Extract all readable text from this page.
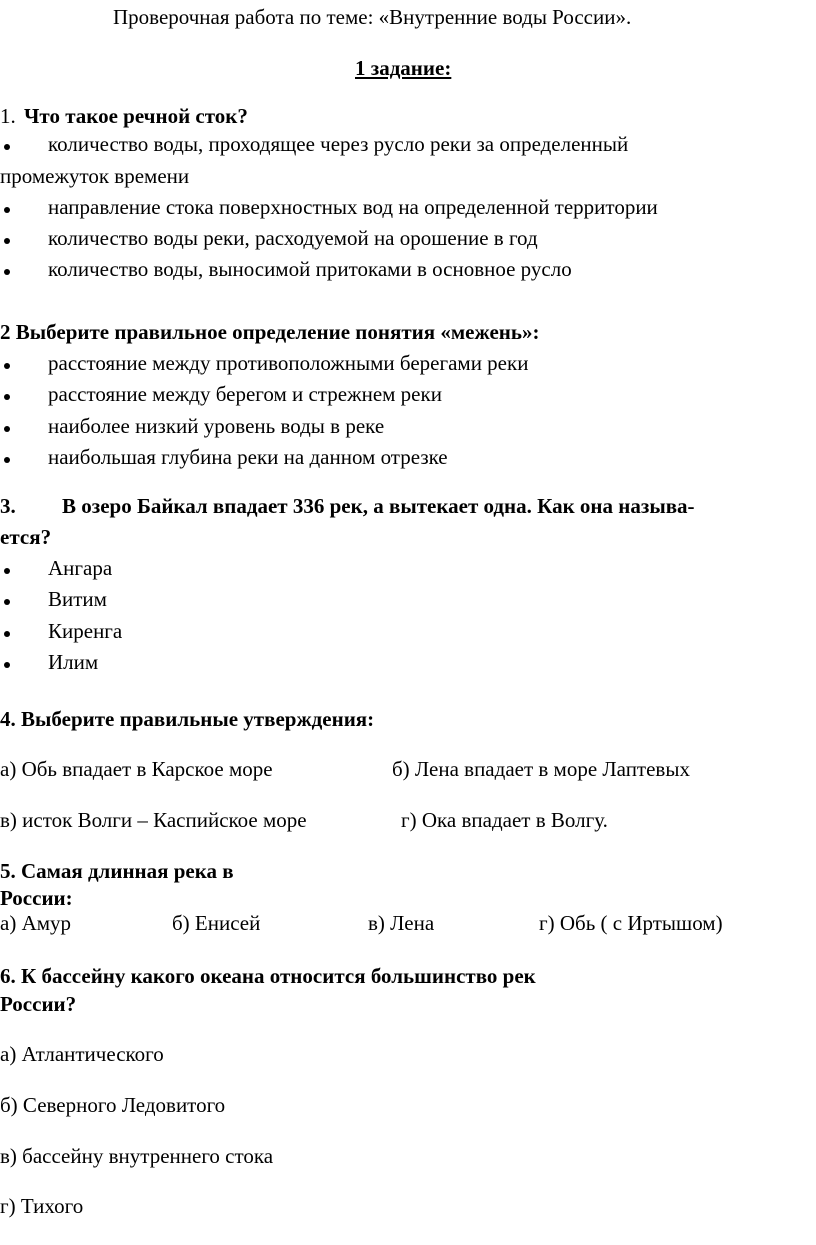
Проверочная работа по теме: «Внутренние воды России».
1 задание:
1. Что такое речной сток?
количество воды, проходящее через русло реки за определенный
промежуток времени
направление стока поверхностных вод на определенной территории
количество воды реки, расходуемой на орошение в год
количество воды, выносимой притоками в основное русло
2 Выберите правильное определение понятия «межень»:
расстояние между противоположными берегами реки
расстояние между берегом и стрежнем реки
наиболее низкий уровень воды в реке
наибольшая глубина реки на данном отрезке
3. В озеро Байкал впадает 336 рек, а вытекает одна. Как она называ-
ется?
Ангара
Витим
Киренга
Илим
4. Выберите правильные утверждения:
а) Обь впадает в Карское море	б) Лена впадает в море Лаптевых
в) исток Волги – Каспийское море	г) Ока впадает в Волгу.
5. Самая длинная река в
России:
а) Амур	б) Енисей	в) Лена	г) Обь ( с Иртышом)
6. К бассейну какого океана относится большинство рек
России?
а) Атлантического
б) Северного Ледовитого
в) бассейну внутреннего стока
г) Тихого
